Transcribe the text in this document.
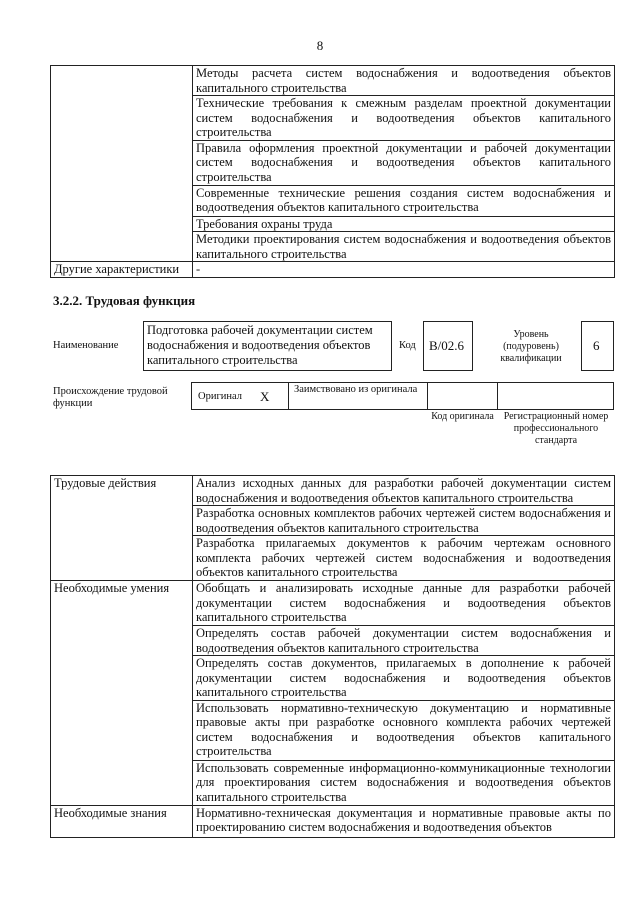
8
	Методы расчета систем водоснабжения и водоотведения объектов капитального строительства
	Технические требования к смежным разделам проектной документации систем водоснабжения и водоотведения объектов капитального строительства
	Правила оформления проектной документации и рабочей документации систем водоснабжения и водоотведения объектов капитального строительства
	Современные технические решения создания систем водоснабжения и водоотведения объектов капитального строительства
	Требования охраны труда
	Методики проектирования систем водоснабжения и водоотведения объектов капитального строительства
Другие характеристики	-
3.2.2. Трудовая функция
Наименование
Подготовка рабочей документации систем водоснабжения и водоотведения объектов капитального строительства
Код B/02.6
Уровень (подуровень) квалификации
6
Происхождение трудовой функции
Оригинал X Заимствовано из оригинала
Код оригинала Регистрационный номер профессионального стандарта
Трудовые действия	Анализ исходных данных для разработки рабочей документации систем водоснабжения и водоотведения объектов капитального строительства
	Разработка основных комплектов рабочих чертежей систем водоснабжения и водоотведения объектов капитального строительства
	Разработка прилагаемых документов к рабочим чертежам основного комплекта рабочих чертежей систем водоснабжения и водоотведения объектов капитального строительства
Необходимые умения	Обобщать и анализировать исходные данные для разработки рабочей документации систем водоснабжения и водоотведения объектов капитального строительства
	Определять состав рабочей документации систем водоснабжения и водоотведения объектов капитального строительства
	Определять состав документов, прилагаемых в дополнение к рабочей документации систем водоснабжения и водоотведения объектов капитального строительства
	Использовать нормативно-техническую документацию и нормативные правовые акты при разработке основного комплекта рабочих чертежей систем водоснабжения и водоотведения объектов капитального строительства
	Использовать современные информационно-коммуникационные технологии для проектирования систем водоснабжения и водоотведения объектов капитального строительства
Необходимые знания	Нормативно-техническая документация и нормативные правовые акты по проектированию систем водоснабжения и водоотведения объектов
